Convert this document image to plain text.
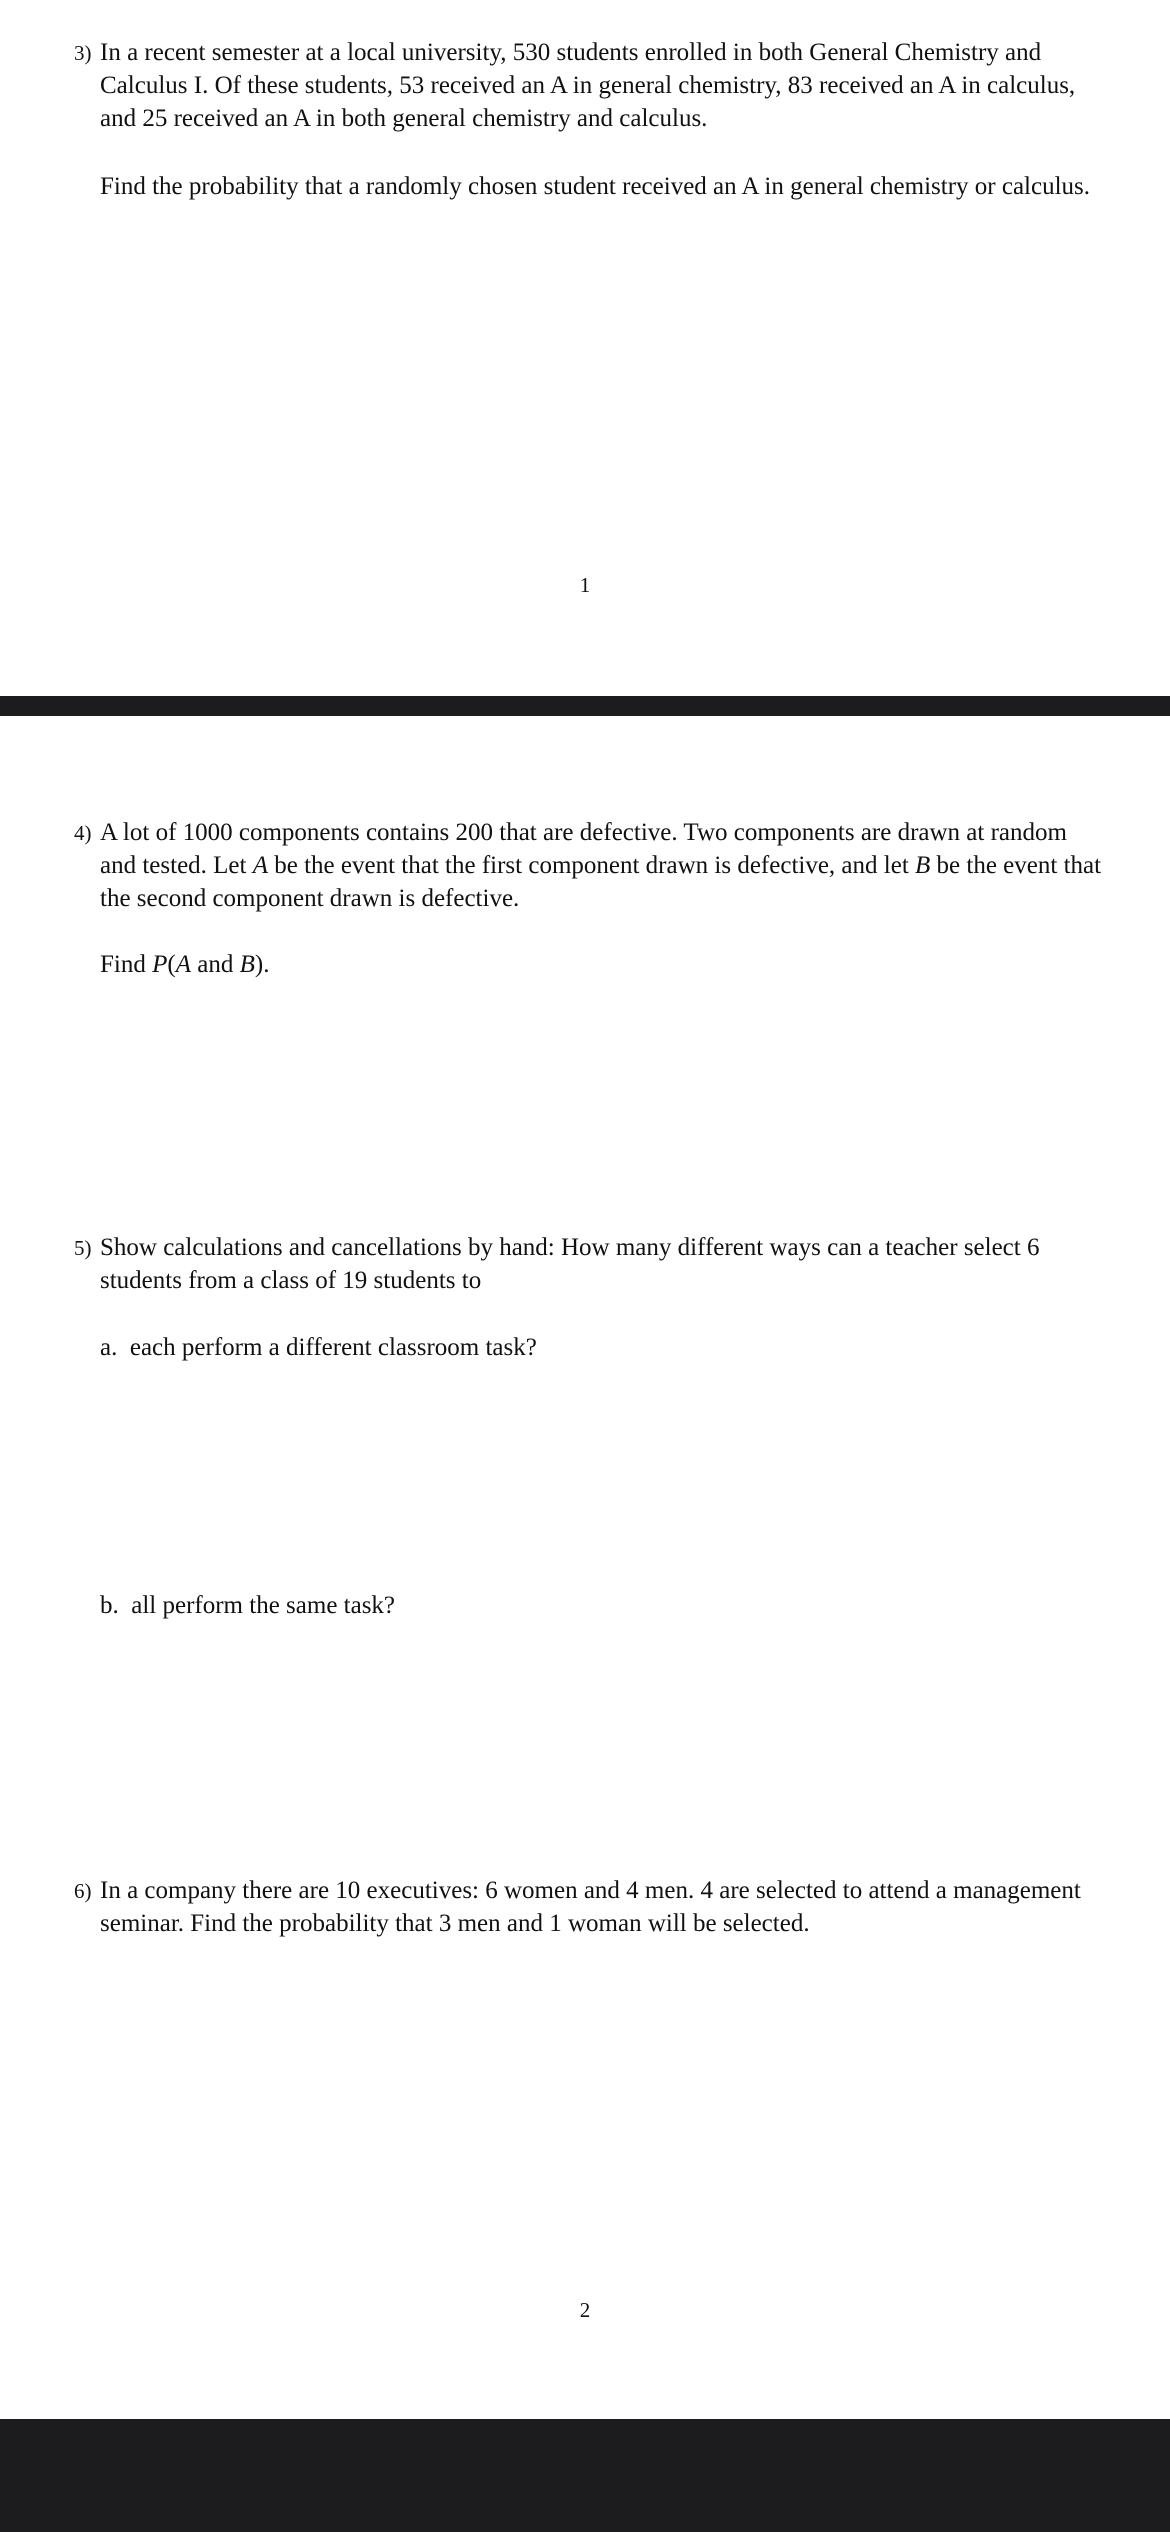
3) In a recent semester at a local university, 530 students enrolled in both General Chemistry and
Calculus I. Of these students, 53 received an A in general chemistry, 83 received an A in calculus,
and 25 received an A in both general chemistry and calculus.
Find the probability that a randomly chosen student received an A in general chemistry or calculus.
1
4) A lot of 1000 components contains 200 that are defective. Two components are drawn at random
and tested. Let A be the event that the first component drawn is defective, and let B be the event that
the second component drawn is defective.
Find P(A and B).
5) Show calculations and cancellations by hand: How many different ways can a teacher select 6
students from a class of 19 students to
a. each perform a different classroom task?
b. all perform the same task?
6) In a company there are 10 executives: 6 women and 4 men. 4 are selected to attend a management
seminar. Find the probability that 3 men and 1 woman will be selected.
2
